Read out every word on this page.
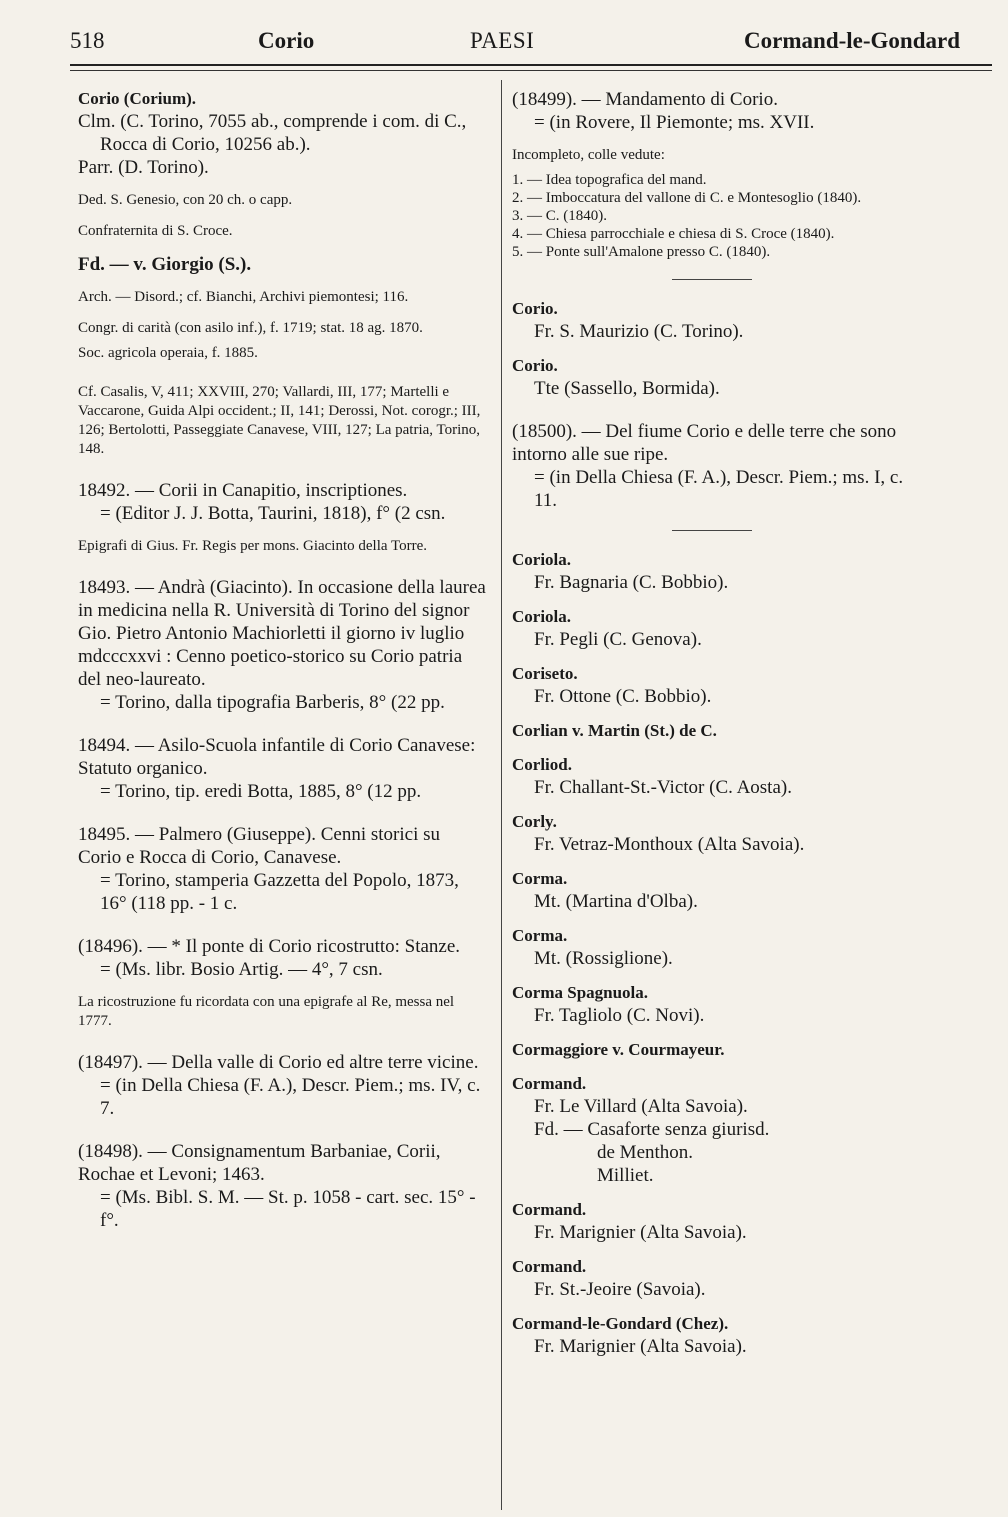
518	Corio	PAESI	Cormand-le-Gondard

Corio (Corium).

Clm. (C. Torino, 7055 ab., comprende i com. di C., Rocca di Corio, 10256 ab.).

Parr. (D. Torino).

Ded. S. Genesio, con 20 ch. o capp.

Confraternita di S. Croce.

Fd. — v. Giorgio (S.).

Arch. — Disord.; cf. Bianchi, Archivi piemontesi; 116.

Congr. di carità (con asilo inf.), f. 1719; stat. 18 ag. 1870.

Soc. agricola operaia, f. 1885.

Cf. Casalis, V, 411; XXVIII, 270; Vallardi, III, 177; Martelli e Vaccarone, Guida Alpi occident.; II, 141; Derossi, Not. corogr.; III, 126; Bertolotti, Passeggiate Canavese, VIII, 127; La patria, Torino, 148.

18492. — Corii in Canapitio, inscriptiones.

= (Editor J. J. Botta, Taurini, 1818), f° (2 csn.

Epigrafi di Gius. Fr. Regis per mons. Giacinto della Torre.

18493. — Andrà (Giacinto). In occasione della laurea in medicina nella R. Università di Torino del signor Gio. Pietro Antonio Machiorletti il giorno iv luglio mdcccxxvi : Cenno poetico-storico su Corio patria del neo-laureato.

= Torino, dalla tipografia Barberis, 8° (22 pp.

18494. — Asilo-Scuola infantile di Corio Canavese: Statuto organico.

= Torino, tip. eredi Botta, 1885, 8° (12 pp.

18495. — Palmero (Giuseppe). Cenni storici su Corio e Rocca di Corio, Canavese.

= Torino, stamperia Gazzetta del Popolo, 1873, 16° (118 pp. - 1 c.

(18496). — * Il ponte di Corio ricostrutto: Stanze.

= (Ms. libr. Bosio Artig. — 4°, 7 csn.

La ricostruzione fu ricordata con una epigrafe al Re, messa nel 1777.

(18497). — Della valle di Corio ed altre terre vicine.

= (in Della Chiesa (F. A.), Descr. Piem.; ms. IV, c. 7.

(18498). — Consignamentum Barbaniae, Corii, Rochae et Levoni; 1463.

= (Ms. Bibl. S. M. — St. p. 1058 - cart. sec. 15° - f°.

(18499). — Mandamento di Corio.

= (in Rovere, Il Piemonte; ms. XVII.

Incompleto, colle vedute:

1. — Idea topografica del mand.

2. — Imboccatura del vallone di C. e Montesoglio (1840).

3. — C. (1840).

4. — Chiesa parrocchiale e chiesa di S. Croce (1840).

5. — Ponte sull'Amalone presso C. (1840).

Corio.

Fr. S. Maurizio (C. Torino).

Corio.

Tte (Sassello, Bormida).

(18500). — Del fiume Corio e delle terre che sono intorno alle sue ripe.

= (in Della Chiesa (F. A.), Descr. Piem.; ms. I, c. 11.

Coriola.

Fr. Bagnaria (C. Bobbio).

Coriola.

Fr. Pegli (C. Genova).

Coriseto.

Fr. Ottone (C. Bobbio).

Corlian v. Martin (St.) de C.

Corliod.

Fr. Challant-St.-Victor (C. Aosta).

Corly.

Fr. Vetraz-Monthoux (Alta Savoia).

Corma.

Mt. (Martina d'Olba).

Corma.

Mt. (Rossiglione).

Corma Spagnuola.

Fr. Tagliolo (C. Novi).

Cormaggiore v. Courmayeur.

Cormand.

Fr. Le Villard (Alta Savoia).

Fd. — Casaforte senza giurisd.

de Menthon.

Milliet.

Cormand.

Fr. Marignier (Alta Savoia).

Cormand.

Fr. St.-Jeoire (Savoia).

Cormand-le-Gondard (Chez).

Fr. Marignier (Alta Savoia).
